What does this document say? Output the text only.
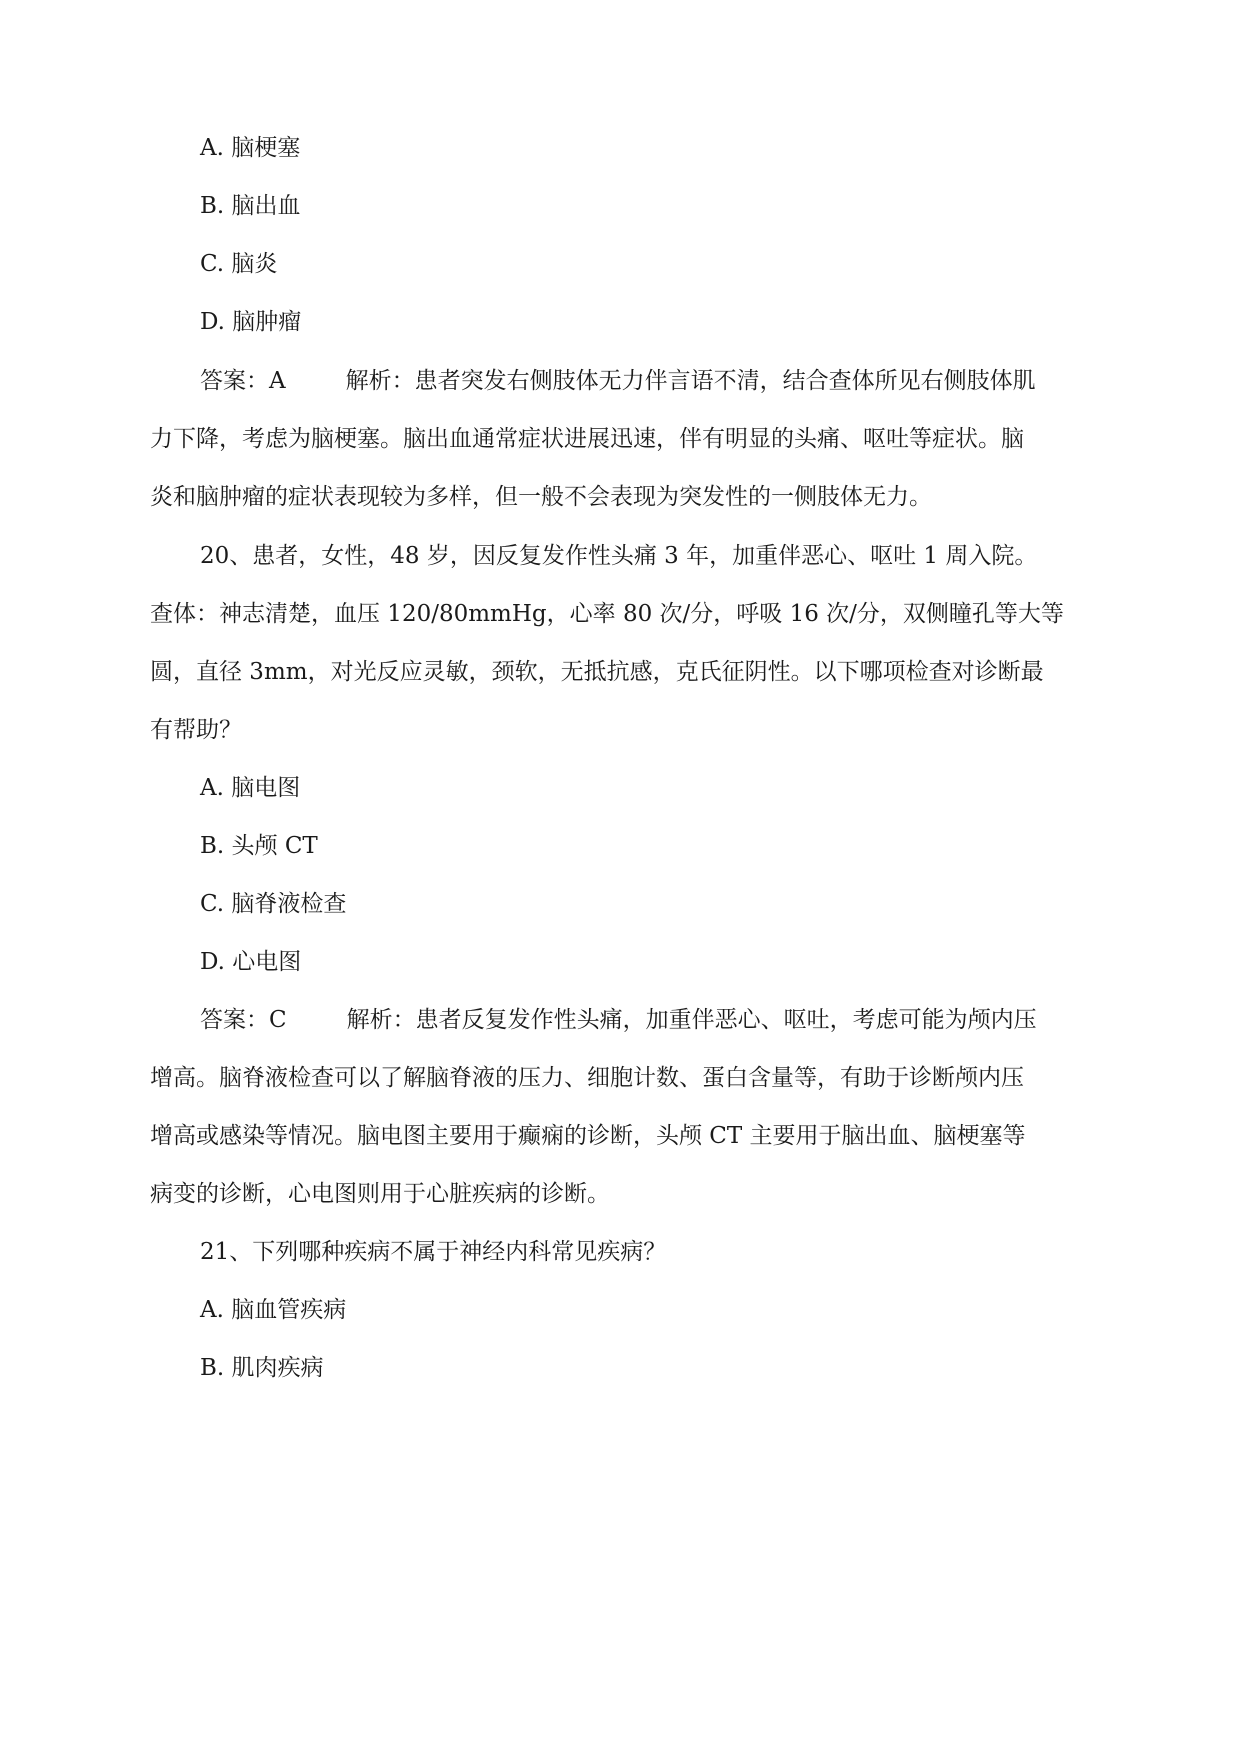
A. 脑梗塞
B. 脑出血
C. 脑炎
D. 脑肿瘤
答案：A	解析：患者突发右侧肢体无力伴言语不清，结合查体所见右侧肢体肌
力下降，考虑为脑梗塞。脑出血通常症状进展迅速，伴有明显的头痛、呕吐等症状。脑
炎和脑肿瘤的症状表现较为多样，但一般不会表现为突发性的一侧肢体无力。
20、患者，女性，48 岁，因反复发作性头痛 3 年，加重伴恶心、呕吐 1 周入院。
查体：神志清楚，血压 120/80mmHg，心率 80 次/分，呼吸 16 次/分，双侧瞳孔等大等
圆，直径 3mm，对光反应灵敏，颈软，无抵抗感，克氏征阴性。以下哪项检查对诊断最
有帮助？
A. 脑电图
B. 头颅 CT
C. 脑脊液检查
D. 心电图
答案：C	解析：患者反复发作性头痛，加重伴恶心、呕吐，考虑可能为颅内压
增高。脑脊液检查可以了解脑脊液的压力、细胞计数、蛋白含量等，有助于诊断颅内压
增高或感染等情况。脑电图主要用于癫痫的诊断，头颅 CT 主要用于脑出血、脑梗塞等
病变的诊断，心电图则用于心脏疾病的诊断。
21、下列哪种疾病不属于神经内科常见疾病？
A. 脑血管疾病
B. 肌肉疾病
